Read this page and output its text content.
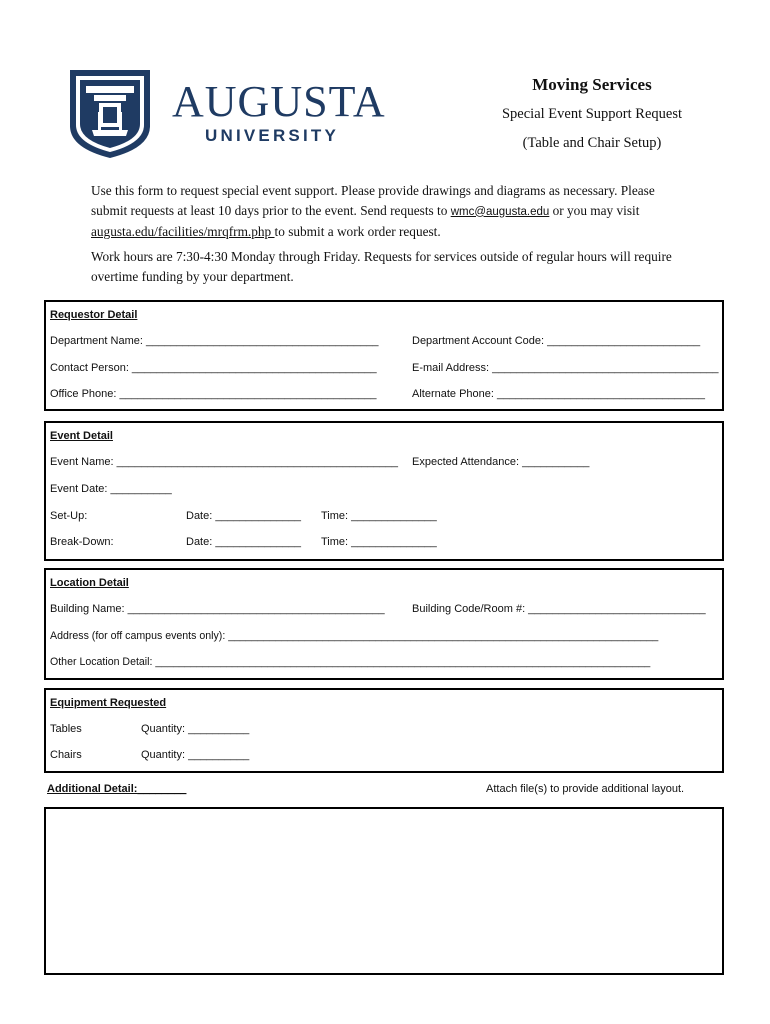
AUGUSTA
UNIVERSITY
Moving Services
Special Event Support Request
(Table and Chair Setup)
Use this form to request special event support. Please provide drawings and diagrams as necessary. Please submit requests at least 10 days prior to the event. Send requests to wmc@augusta.edu or you may visit augusta.edu/facilities/mrqfrm.php to submit a work order request.
Work hours are 7:30-4:30 Monday through Friday. Requests for services outside of regular hours will require overtime funding by your department.
Requestor Detail
Department Name: ______________________________________	Department Account Code: _________________________
Contact Person: ________________________________________	E-mail Address: _____________________________________
Office Phone: __________________________________________	Alternate Phone: __________________________________
Event Detail
Event Name: ______________________________________________ Expected Attendance: ___________
Event Date: __________
Set-Up:	Date: ______________ Time: ______________
Break-Down:	Date: ______________ Time: ______________
Location Detail
Building Name: __________________________________________ Building Code/Room #: _____________________________
Address (for off campus events only): _________________________________________________________________________
Other Location Detail: ____________________________________________________________________________________
Equipment Requested
Tables	Quantity: __________
Chairs	Quantity: __________
Additional Detail:________	Attach file(s) to provide additional layout.
